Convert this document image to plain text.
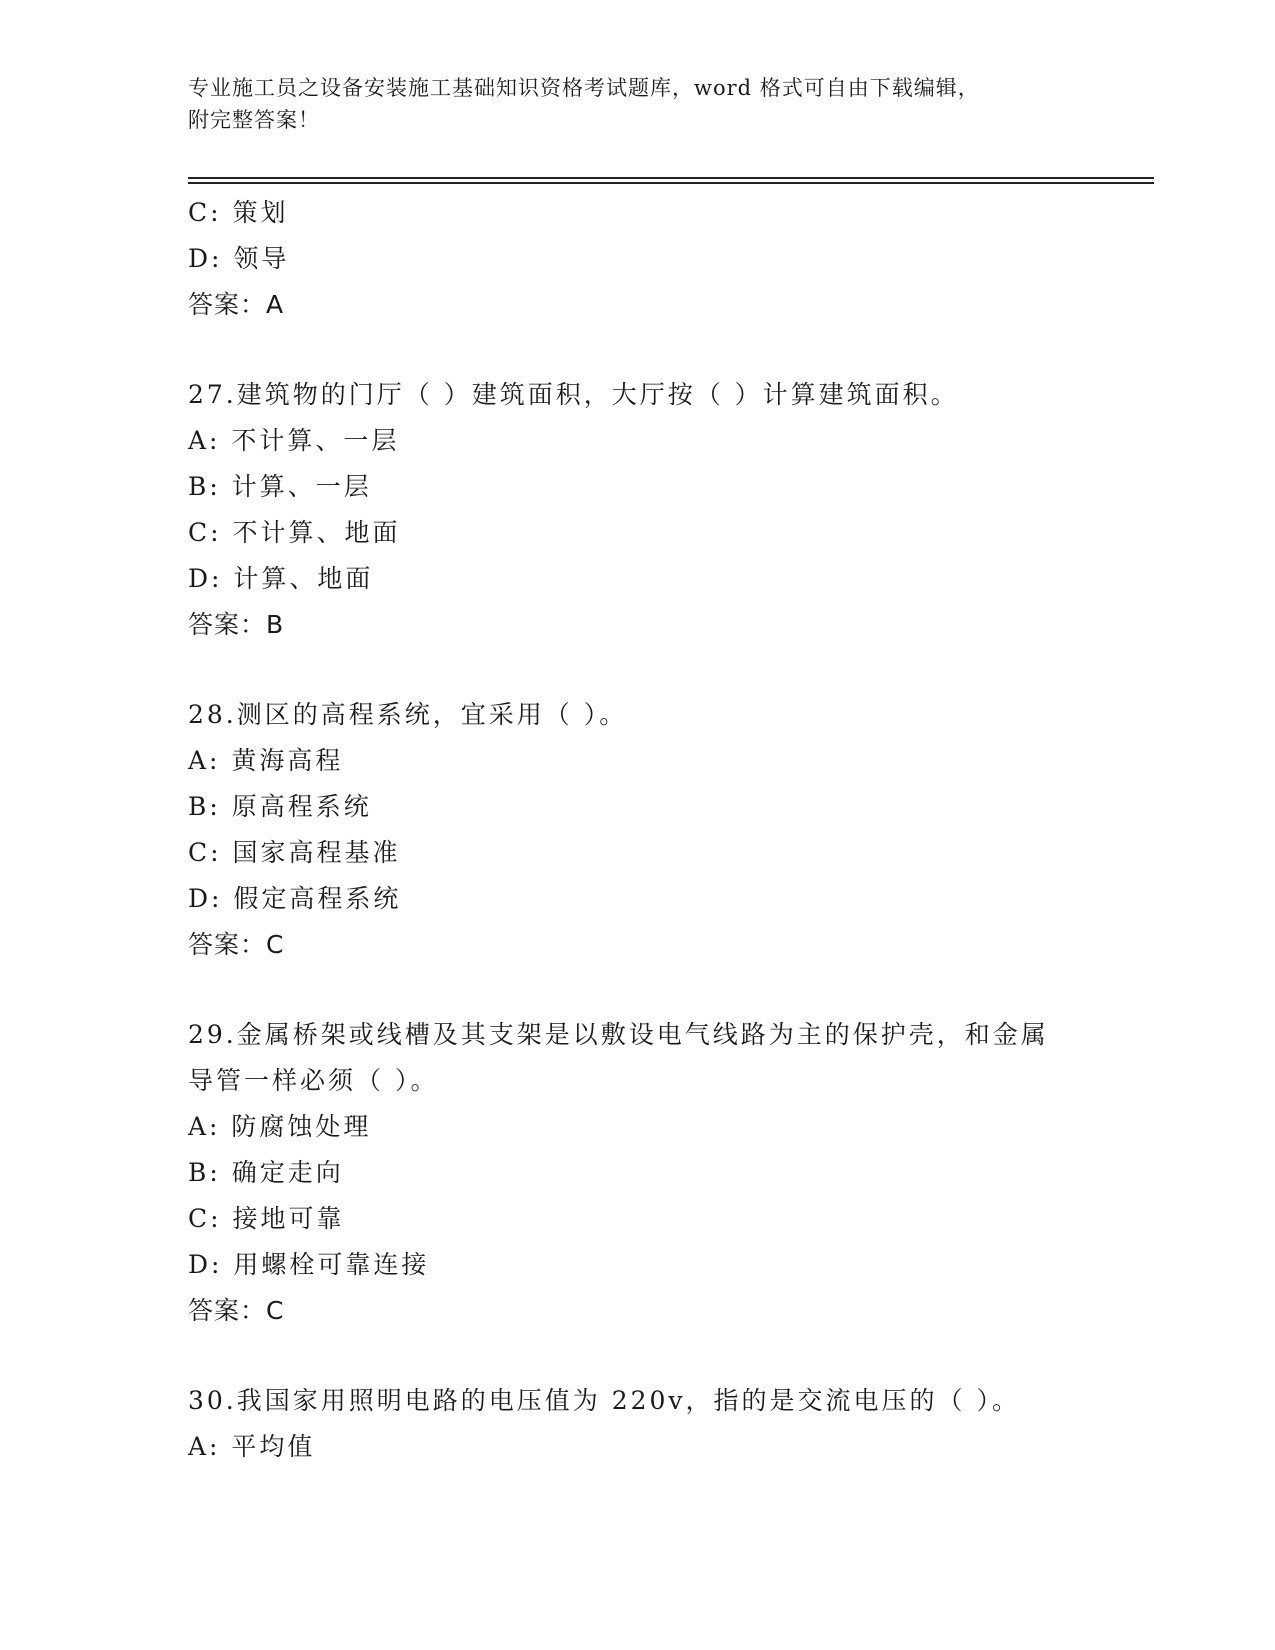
专业施工员之设备安装施工基础知识资格考试题库，word 格式可自由下载编辑，
附完整答案！
C: 策划
D: 领导
答案：A
27.建筑物的门厅（ ）建筑面积，大厅按（ ）计算建筑面积。
A: 不计算、一层
B: 计算、一层
C: 不计算、地面
D: 计算、地面
答案：B
28.测区的高程系统，宜采用（ ）。
A: 黄海高程
B: 原高程系统
C: 国家高程基准
D: 假定高程系统
答案：C
29.金属桥架或线槽及其支架是以敷设电气线路为主的保护壳，和金属
导管一样必须（ ）。
A: 防腐蚀处理
B: 确定走向
C: 接地可靠
D: 用螺栓可靠连接
答案：C
30.我国家用照明电路的电压值为 220v，指的是交流电压的（ ）。
A: 平均值
